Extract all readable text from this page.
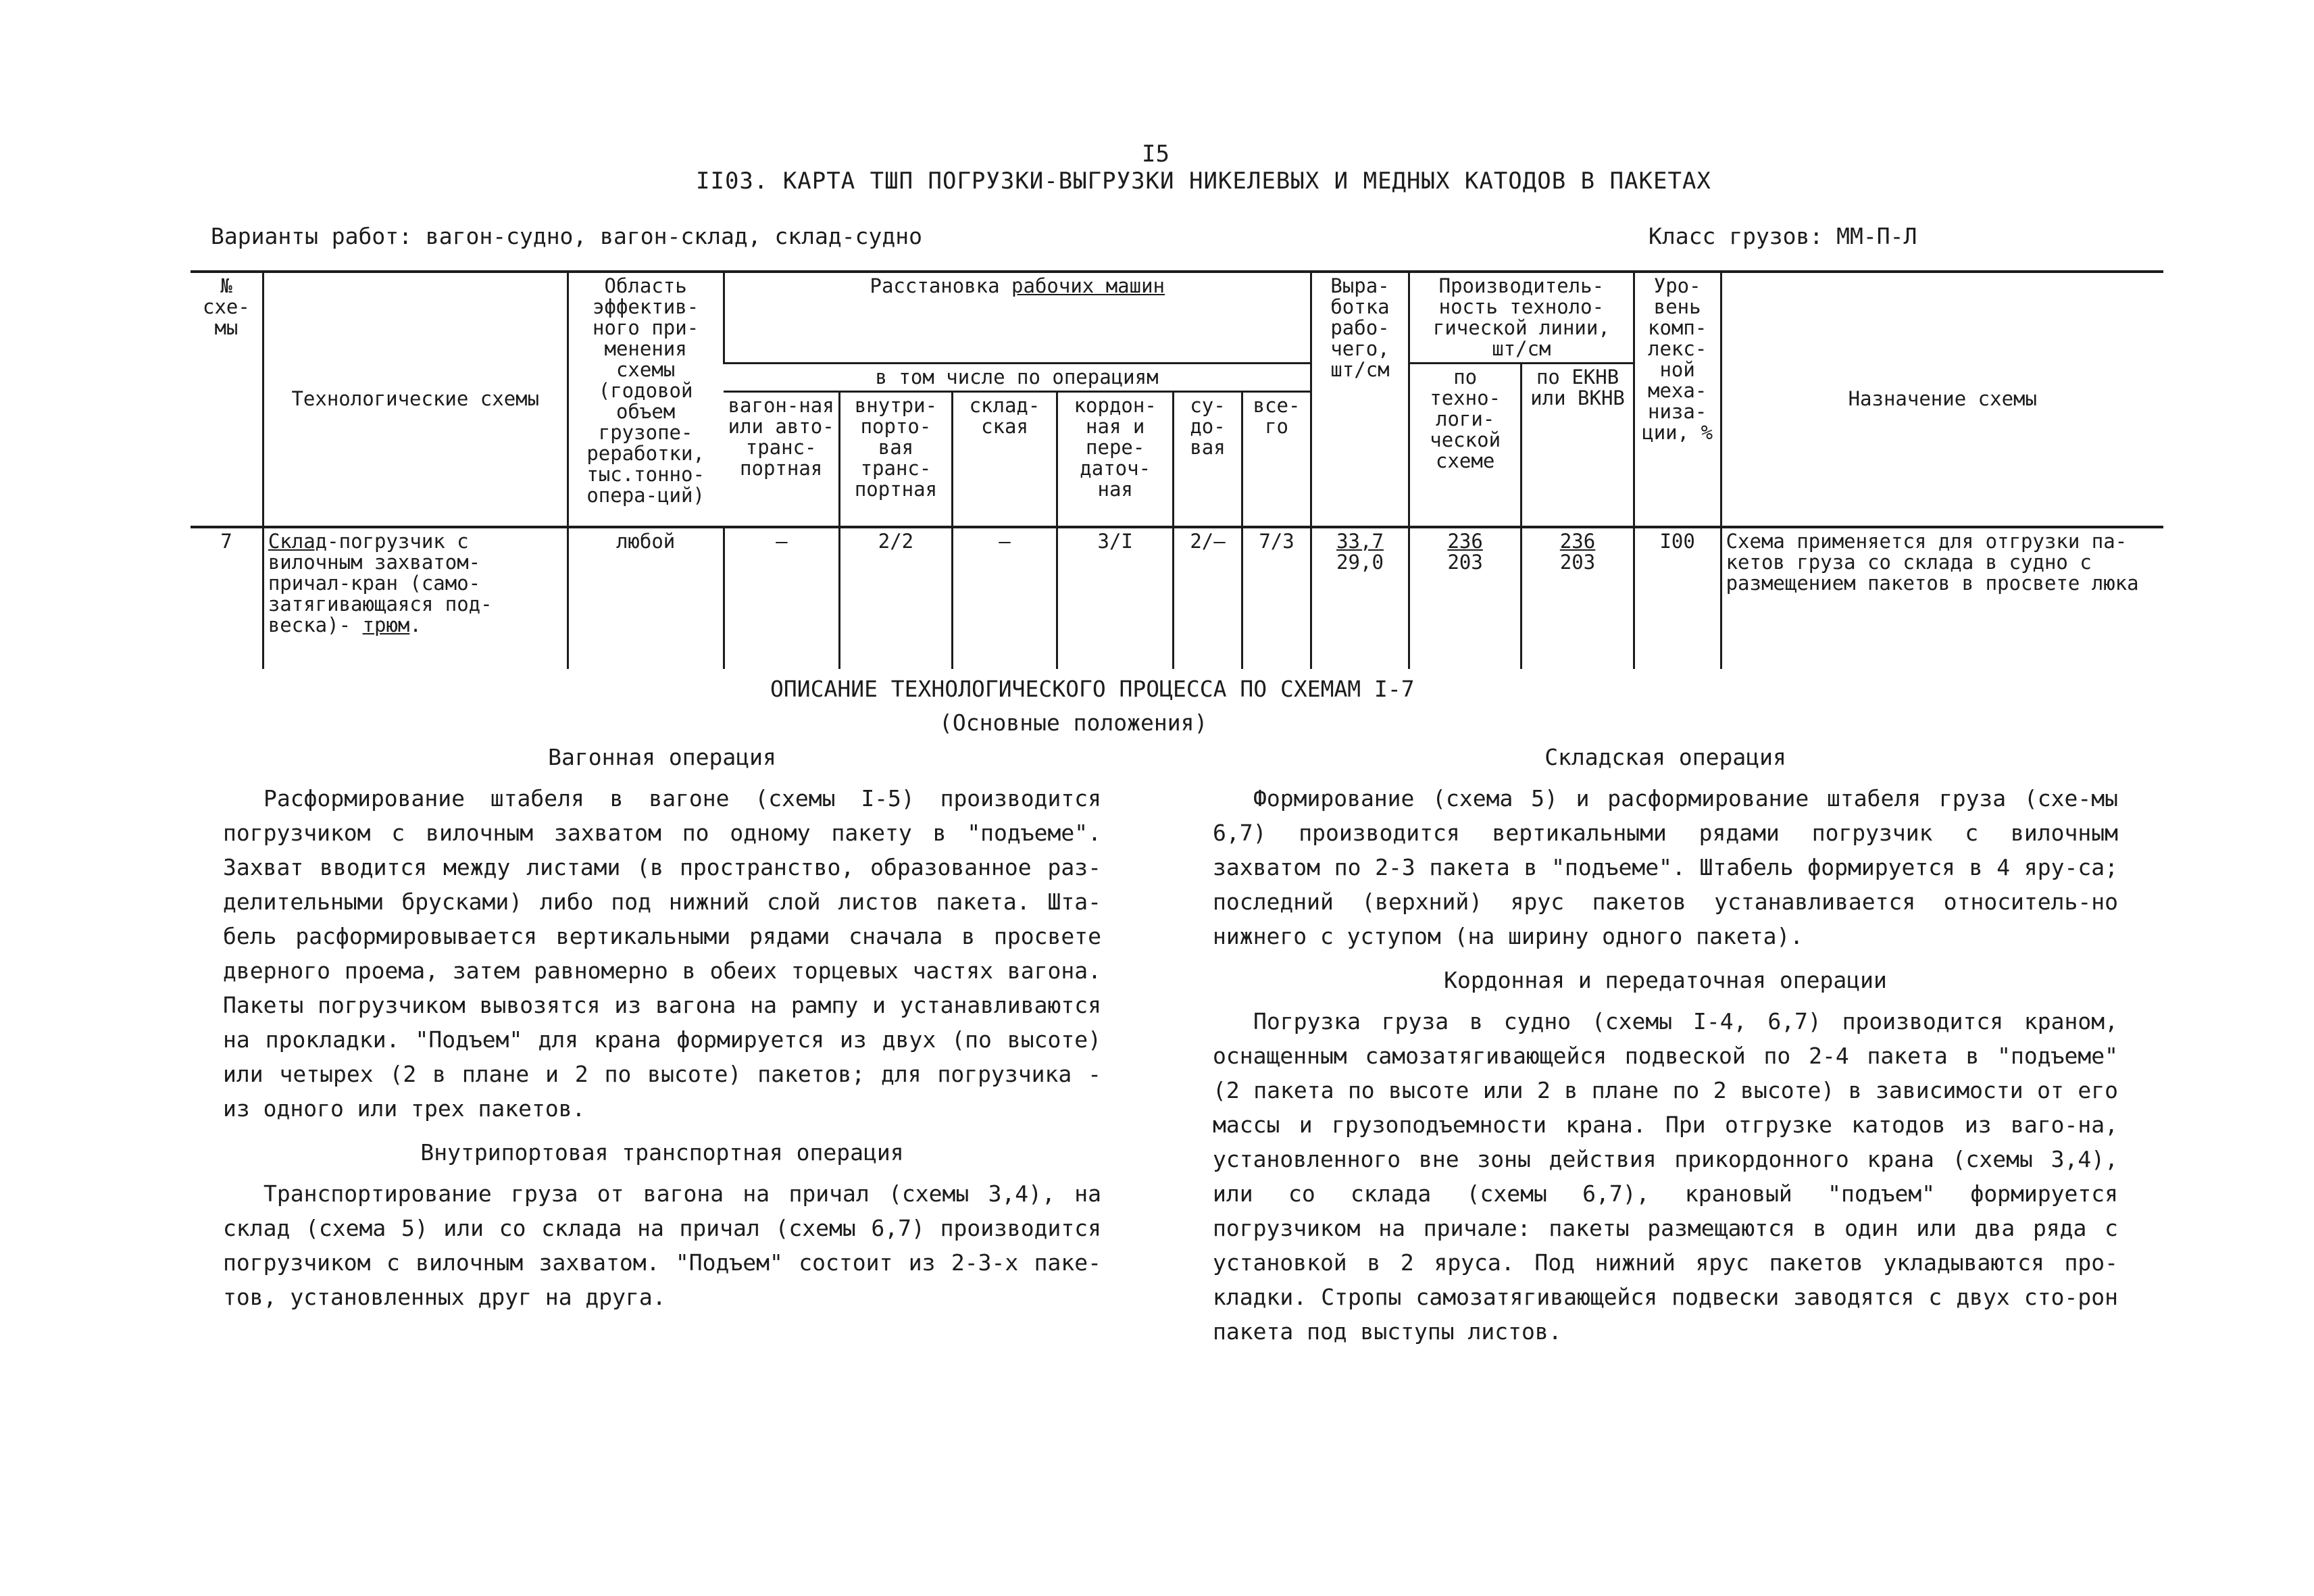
I5
II03. КАРТА ТШП ПОГРУЗКИ-ВЫГРУЗКИ НИКЕЛЕВЫХ И МЕДНЫХ КАТОДОВ В ПАКЕТАХ
Варианты работ: вагон-судно, вагон-склад, склад-судно	Класс грузов: ММ-П-Л
№ схе-мы	Технологические схемы	Область эффектив-ного при-менения схемы (годовой объем грузопе-реработки, тыс.тонно-опера-ций)	Расстановка рабочих машин						Выра-ботка рабо-чего, шт/см	Производитель-ность техноло-гической линии, шт/см		Уро-вень комп-лекс-ной меха-низа-ции, %	Назначение схемы
			в том числе по операциям							по техно-логи-ческой схеме	по ЕКНВ или ВКНВ		
			вагон-ная или авто-транс-портная	внутри-порто-вая транс-портная	склад-ская	кордон-ная и пере-даточ-ная	су-до-вая	все-го					
7	Склад-погрузчик с вилочным захватом-причал-кран (само-затягивающаяся под-веска)- трюм.	любой	–	2/2	–	3/I	2/–	7/3	$\frac{33,7}{29,0}$	$\frac{236}{203}$	$\frac{236}{203}$	I00	Схема применяется для отгрузки па-кетов груза со склада в судно с размещением пакетов в просвете люка
ОПИСАНИЕ ТЕХНОЛОГИЧЕСКОГО ПРОЦЕССА ПО СХЕМАМ I-7
(Основные положения)
Вагонная операция

Расформирование штабеля в вагоне (схемы I-5) производится погрузчиком с вилочным захватом по одному пакету в "подъеме". Захват вводится между листами (в пространство, образованное раз-делительными брусками) либо под нижний слой листов пакета. Шта-бель расформировывается вертикальными рядами сначала в просвете дверного проема, затем равномерно в обеих торцевых частях вагона. Пакеты погрузчиком вывозятся из вагона на рампу и устанавливаются на прокладки. "Подъем" для крана формируется из двух (по высоте) или четырех (2 в плане и 2 по высоте) пакетов; для погрузчика - из одного или трех пакетов.

Внутрипортовая транспортная операция

Транспортирование груза от вагона на причал (схемы 3,4), на склад (схема 5) или со склада на причал (схемы 6,7) производится погрузчиком с вилочным захватом. "Подъем" состоит из 2-3-х паке-тов, установленных друг на друга.

Складская операция

Формирование (схема 5) и расформирование штабеля груза (схе-мы 6,7) производится вертикальными рядами погрузчик с вилочным захватом по 2-3 пакета в "подъеме". Штабель формируется в 4 яру-са; последний (верхний) ярус пакетов устанавливается относитель-но нижнего с уступом (на ширину одного пакета).

Кордонная и передаточная операции

Погрузка груза в судно (схемы I-4, 6,7) производится краном, оснащенным самозатягивающейся подвеской по 2-4 пакета в "подъеме" (2 пакета по высоте или 2 в плане по 2 высоте) в зависимости от его массы и грузоподъемности крана. При отгрузке катодов из ваго-на, установленного вне зоны действия прикордонного крана (схемы 3,4), или со склада (схемы 6,7), крановый "подъем" формируется погрузчиком на причале: пакеты размещаются в один или два ряда с установкой в 2 яруса. Под нижний ярус пакетов укладываются про-кладки. Стропы самозатягивающейся подвески заводятся с двух сто-рон пакета под выступы листов.
